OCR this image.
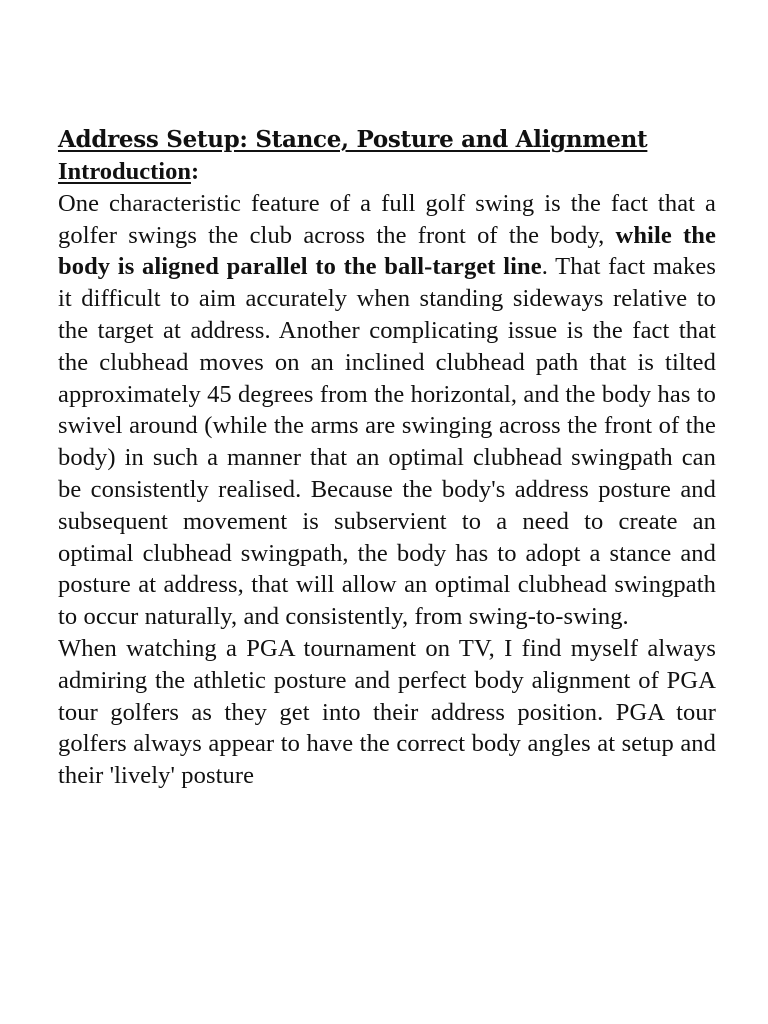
Address Setup: Stance, Posture and Alignment

Introduction:

One characteristic feature of a full golf swing is the fact that a golfer swings the club across the front of the body, while the body is aligned parallel to the ball-target line. That fact makes it difficult to aim accurately when standing sideways relative to the target at address. Another complicating issue is the fact that the clubhead moves on an inclined clubhead path that is tilted approximately 45 degrees from the horizontal, and the body has to swivel around (while the arms are swinging across the front of the body) in such a manner that an optimal clubhead swingpath can be consistently realised. Because the body's address posture and subsequent movement is subservient to a need to create an optimal clubhead swingpath, the body has to adopt a stance and posture at address, that will allow an optimal clubhead swingpath to occur naturally, and consistently, from swing-to-swing.

When watching a PGA tournament on TV, I find myself always admiring the athletic posture and perfect body alignment of PGA tour golfers as they get into their address position. PGA tour golfers always appear to have the correct body angles at setup and their 'lively' posture
